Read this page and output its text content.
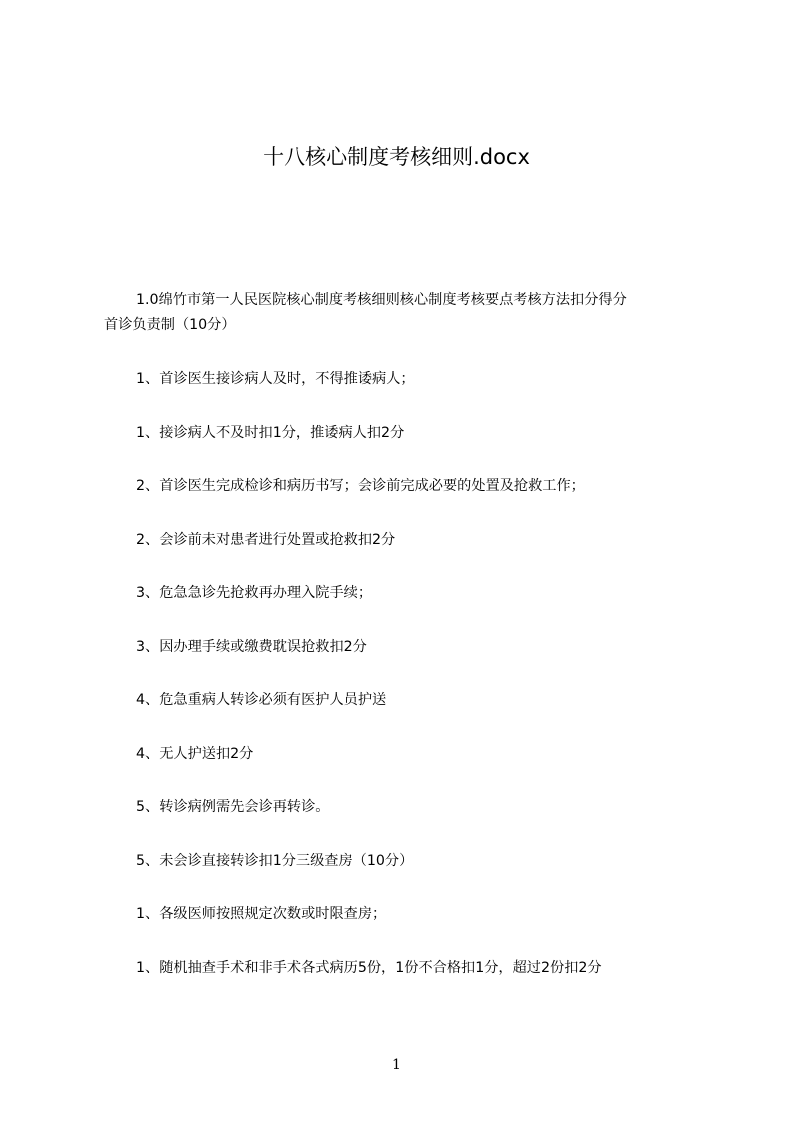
十八核心制度考核细则.docx
1.0绵竹市第一人民医院核心制度考核细则核心制度考核要点考核方法扣分得分
首诊负责制（10分）
1、首诊医生接诊病人及时，不得推诿病人；
1、接诊病人不及时扣1分，推诿病人扣2分
2、首诊医生完成检诊和病历书写；会诊前完成必要的处置及抢救工作；
2、会诊前未对患者进行处置或抢救扣2分
3、危急急诊先抢救再办理入院手续；
3、因办理手续或缴费耽误抢救扣2分
4、危急重病人转诊必须有医护人员护送
4、无人护送扣2分
5、转诊病例需先会诊再转诊。
5、未会诊直接转诊扣1分三级查房（10分）
1、各级医师按照规定次数或时限查房；
1、随机抽查手术和非手术各式病历5份，1份不合格扣1分，超过2份扣2分
1
